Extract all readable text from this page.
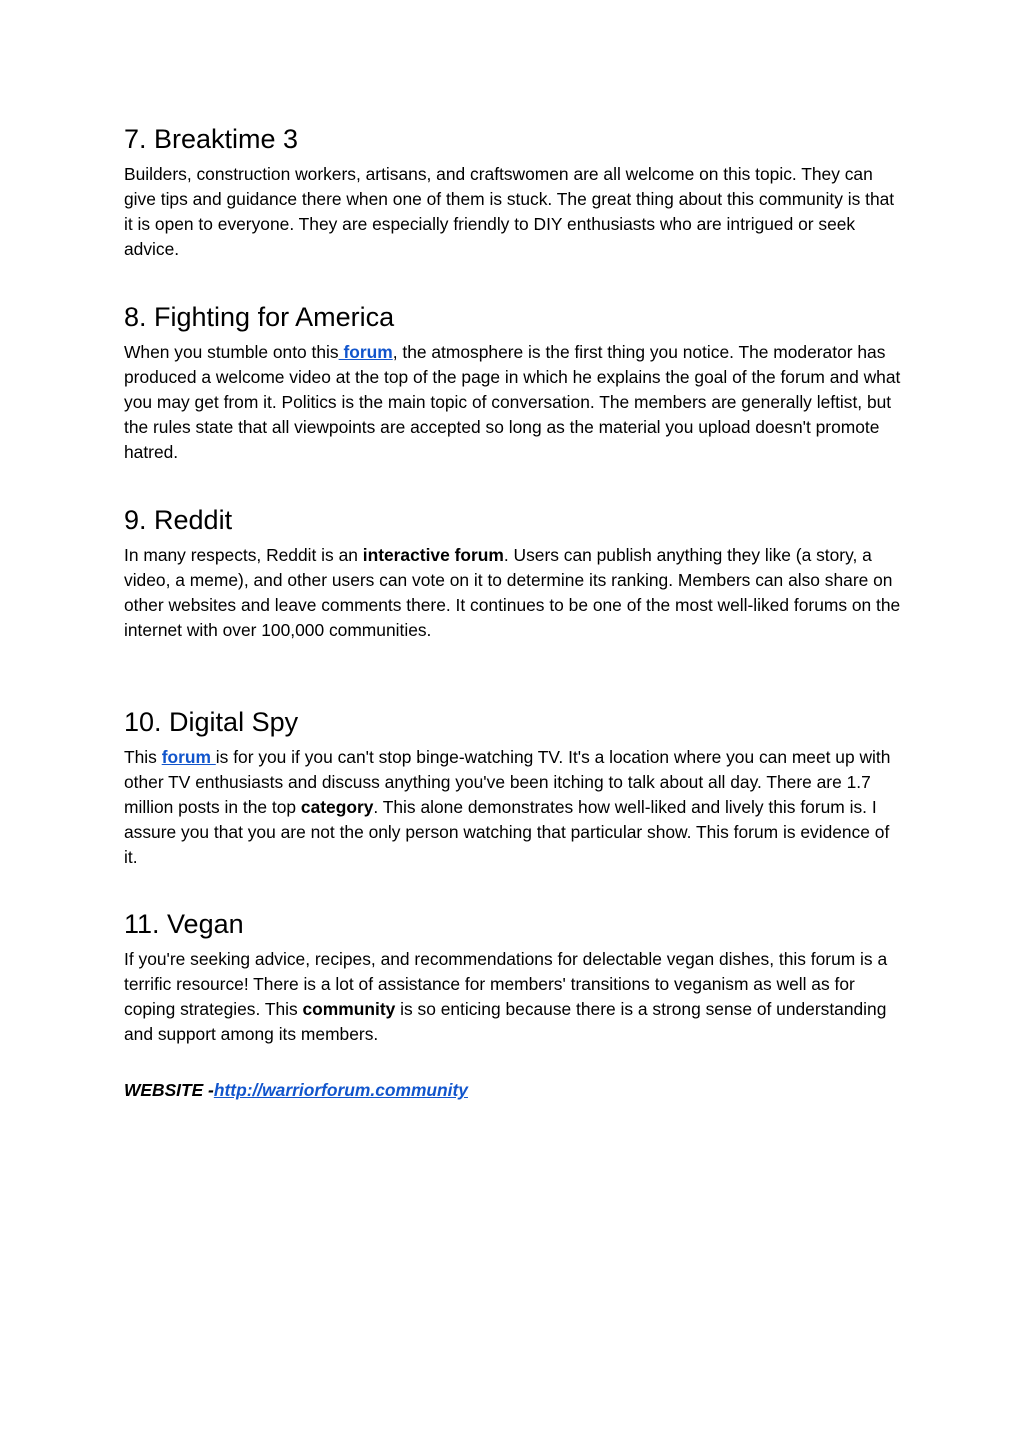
7. Breaktime 3

Builders, construction workers, artisans, and craftswomen are all welcome on this topic. They can give tips and guidance there when one of them is stuck. The great thing about this community is that it is open to everyone. They are especially friendly to DIY enthusiasts who are intrigued or seek advice.

8. Fighting for America

When you stumble onto this forum, the atmosphere is the first thing you notice. The moderator has produced a welcome video at the top of the page in which he explains the goal of the forum and what you may get from it. Politics is the main topic of conversation. The members are generally leftist, but the rules state that all viewpoints are accepted so long as the material you upload doesn't promote hatred.

9. Reddit

In many respects, Reddit is an interactive forum. Users can publish anything they like (a story, a video, a meme), and other users can vote on it to determine its ranking. Members can also share on other websites and leave comments there. It continues to be one of the most well-liked forums on the internet with over 100,000 communities.

10. Digital Spy

This forum is for you if you can't stop binge-watching TV. It's a location where you can meet up with other TV enthusiasts and discuss anything you've been itching to talk about all day. There are 1.7 million posts in the top category. This alone demonstrates how well-liked and lively this forum is. I assure you that you are not the only person watching that particular show. This forum is evidence of it.

11. Vegan

If you're seeking advice, recipes, and recommendations for delectable vegan dishes, this forum is a terrific resource! There is a lot of assistance for members' transitions to veganism as well as for coping strategies. This community is so enticing because there is a strong sense of understanding and support among its members.

WEBSITE -http://warriorforum.community
